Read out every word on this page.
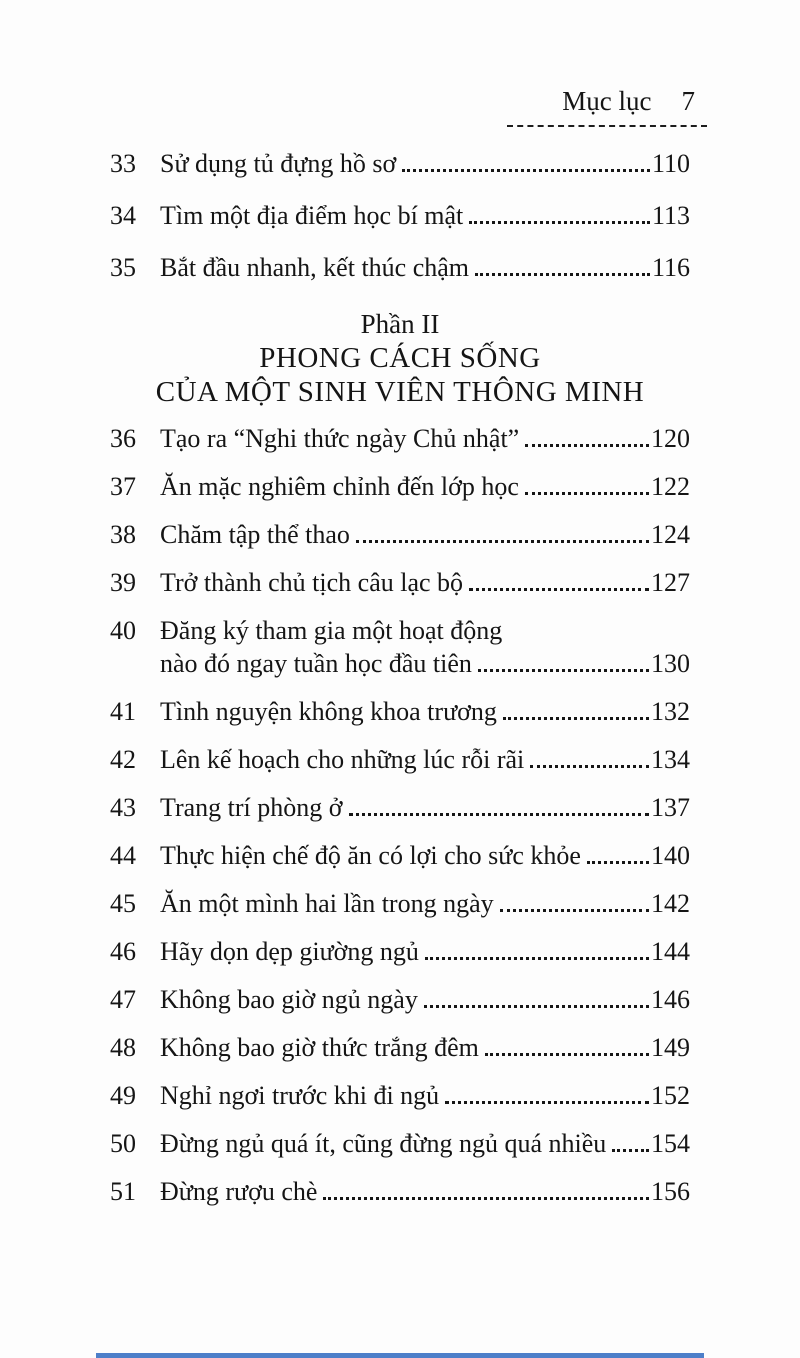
Mục lục 7
33 Sử dụng tủ đựng hồ sơ	110
34 Tìm một địa điểm học bí mật	113
35 Bắt đầu nhanh, kết thúc chậm	116
Phần II
PHONG CÁCH SỐNG
CỦA MỘT SINH VIÊN THÔNG MINH
36 Tạo ra “Nghi thức ngày Chủ nhật”	120
37 Ăn mặc nghiêm chỉnh đến lớp học	122
38 Chăm tập thể thao	124
39 Trở thành chủ tịch câu lạc bộ	127
40 Đăng ký tham gia một hoạt động
nào đó ngay tuần học đầu tiên	130
41 Tình nguyện không khoa trương	132
42 Lên kế hoạch cho những lúc rỗi rãi	134
43 Trang trí phòng ở	137
44 Thực hiện chế độ ăn có lợi cho sức khỏe	140
45 Ăn một mình hai lần trong ngày	142
46 Hãy dọn dẹp giường ngủ	144
47 Không bao giờ ngủ ngày	146
48 Không bao giờ thức trắng đêm	149
49 Nghỉ ngơi trước khi đi ngủ	152
50 Đừng ngủ quá ít, cũng đừng ngủ quá nhiều 154
51 Đừng rượu chè	156
